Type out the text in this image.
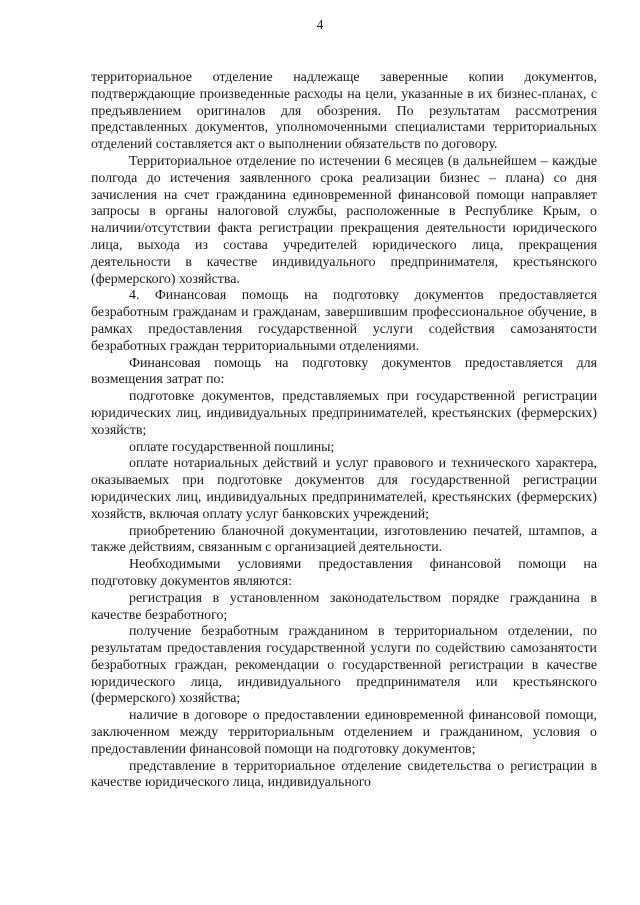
4

территориальное отделение надлежаще заверенные копии документов, подтверждающие произведенные расходы на цели, указанные в их бизнес-планах, с предъявлением оригиналов для обозрения. По результатам рассмотрения представленных документов, уполномоченными специалистами территориальных отделений составляется акт о выполнении обязательств по договору.

Территориальное отделение по истечении 6 месяцев (в дальнейшем – каждые полгода до истечения заявленного срока реализации бизнес – плана) со дня зачисления на счет гражданина единовременной финансовой помощи направляет запросы в органы налоговой службы, расположенные в Республике Крым, о наличии/отсутствии факта регистрации прекращения деятельности юридического лица, выхода из состава учредителей юридического лица, прекращения деятельности в качестве индивидуального предпринимателя, крестьянского (фермерского) хозяйства.

4. Финансовая помощь на подготовку документов предоставляется безработным гражданам и гражданам, завершившим профессиональное обучение, в рамках предоставления государственной услуги содействия самозанятости безработных граждан территориальными отделениями.

Финансовая помощь на подготовку документов предоставляется для возмещения затрат по:

подготовке документов, представляемых при государственной регистрации юридических лиц, индивидуальных предпринимателей, крестьянских (фермерских) хозяйств;

оплате государственной пошлины;

оплате нотариальных действий и услуг правового и технического характера, оказываемых при подготовке документов для государственной регистрации юридических лиц, индивидуальных предпринимателей, крестьянских (фермерских) хозяйств, включая оплату услуг банковских учреждений;

приобретению бланочной документации, изготовлению печатей, штампов, а также действиям, связанным с организацией деятельности.

Необходимыми условиями предоставления финансовой помощи на подготовку документов являются:

регистрация в установленном законодательством порядке гражданина в качестве безработного;

получение безработным гражданином в территориальном отделении, по результатам предоставления государственной услуги по содействию самозанятости безработных граждан, рекомендации о государственной регистрации в качестве юридического лица, индивидуального предпринимателя или крестьянского (фермерского) хозяйства;

наличие в договоре о предоставлении единовременной финансовой помощи, заключенном между территориальным отделением и гражданином, условия о предоставлении финансовой помощи на подготовку документов;

представление в территориальное отделение свидетельства о регистрации в качестве юридического лица, индивидуального
